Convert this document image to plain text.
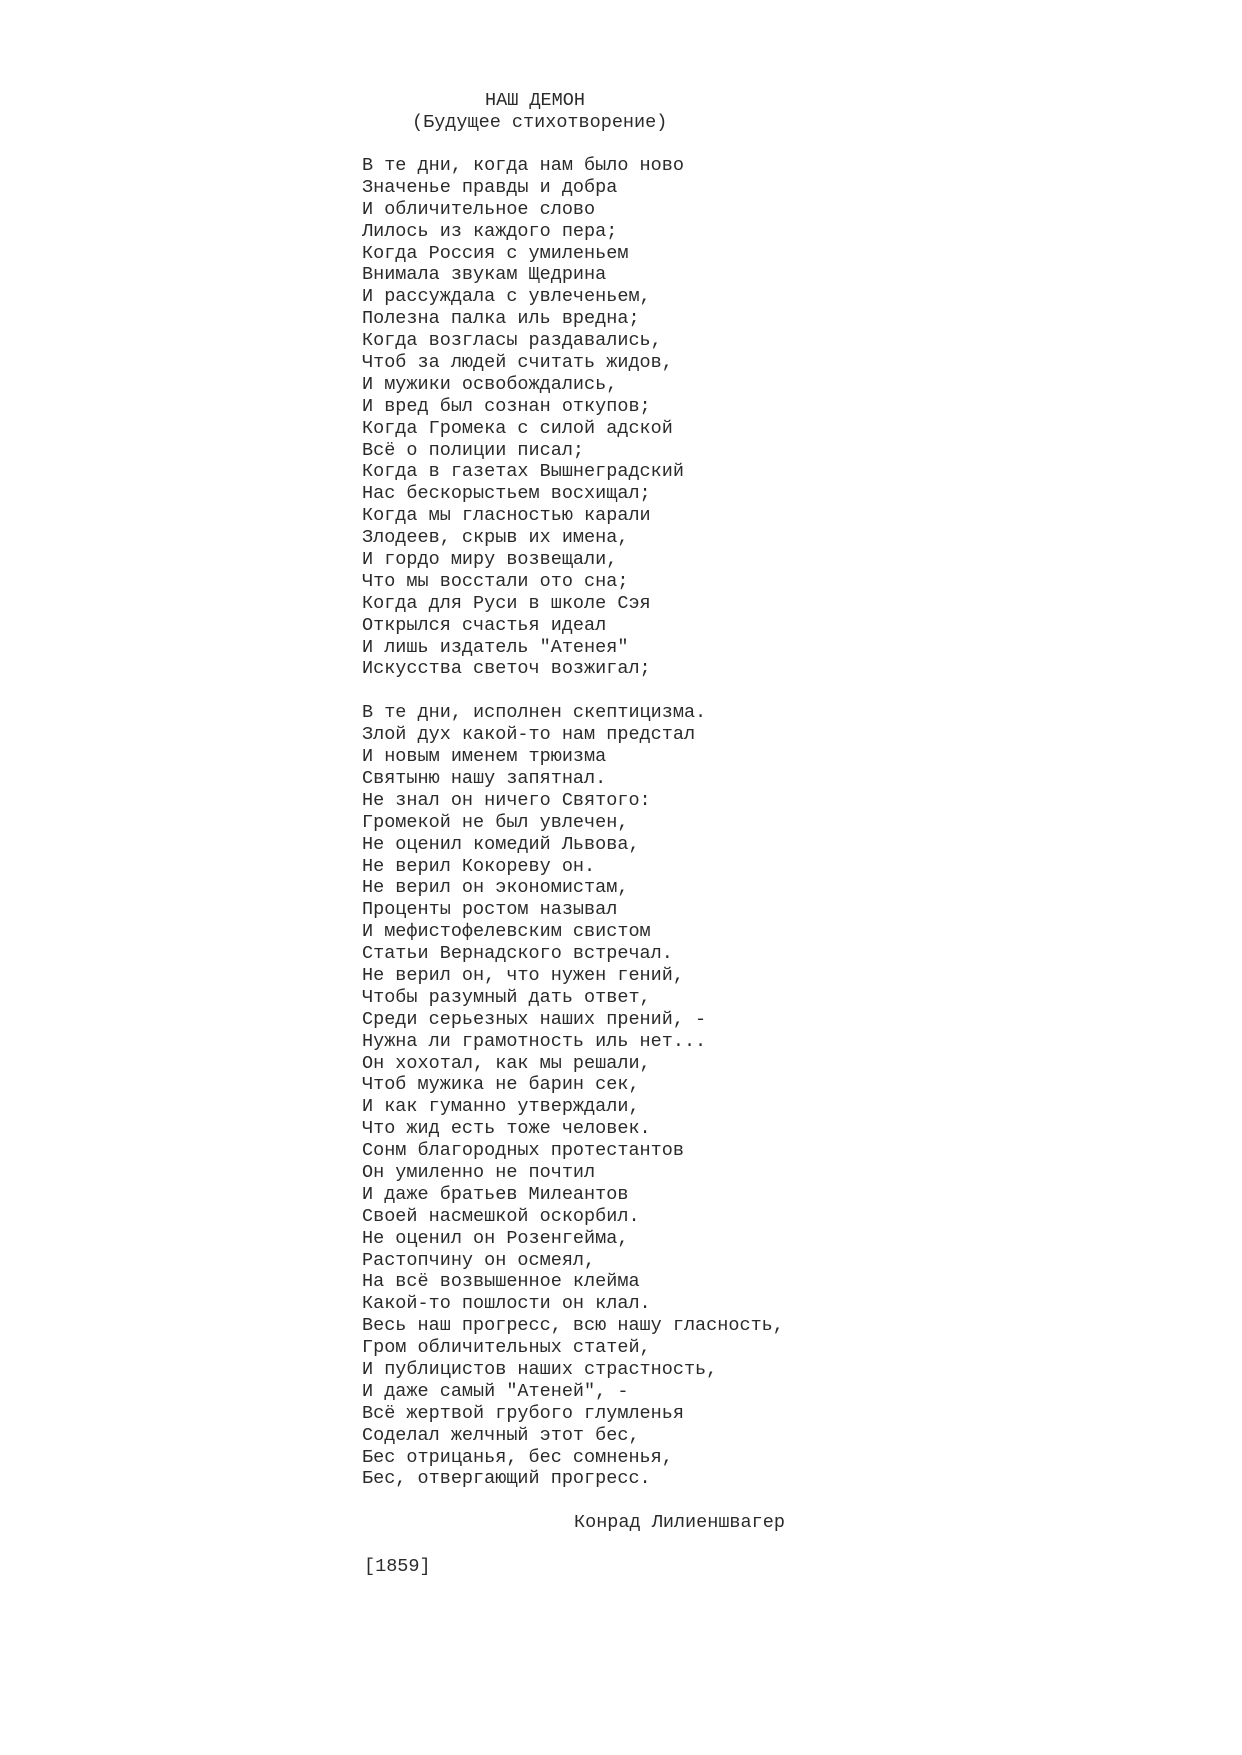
НАШ ДЕМОН
(Будущее стихотворение)
В те дни, когда нам было ново
Значенье правды и добра
И обличительное слово
Лилось из каждого пера;
Когда Россия с умиленьем
Внимала звукам Щедрина
И рассуждала с увлеченьем,
Полезна палка иль вредна;
Когда возгласы раздавались,
Чтоб за людей считать жидов,
И мужики освобождались,
И вред был сознан откупов;
Когда Громека с силой адской
Всё о полиции писал;
Когда в газетах Вышнеградский
Нас бескорыстьем восхищал;
Когда мы гласностью карали
Злодеев, скрыв их имена,
И гордо миру возвещали,
Что мы восстали ото сна;
Когда для Руси в школе Сэя
Открылся счастья идеал
И лишь издатель "Атенея"
Искусства светоч возжигал;
В те дни, исполнен скептицизма.
Злой дух какой-то нам предстал
И новым именем трюизма
Святыню нашу запятнал.
Не знал он ничего Святого:
Громекой не был увлечен,
Не оценил комедий Львова,
Не верил Кокореву он.
Не верил он экономистам,
Проценты ростом называл
И мефистофелевским свистом
Статьи Вернадского встречал.
Не верил он, что нужен гений,
Чтобы разумный дать ответ,
Среди серьезных наших прений, -
Нужна ли грамотность иль нет...
Он хохотал, как мы решали,
Чтоб мужика не барин сек,
И как гуманно утверждали,
Что жид есть тоже человек.
Сонм благородных протестантов
Он умиленно не почтил
И даже братьев Милеантов
Своей насмешкой оскорбил.
Не оценил он Розенгейма,
Растопчину он осмеял,
На всё возвышенное клейма
Какой-то пошлости он клал.
Весь наш прогресс, всю нашу гласность,
Гром обличительных статей,
И публицистов наших страстность,
И даже самый "Атеней", -
Всё жертвой грубого глумленья
Соделал желчный этот бес,
Бес отрицанья, бес сомненья,
Бес, отвергающий прогресс.
Конрад Лилиеншвагер
[1859]
